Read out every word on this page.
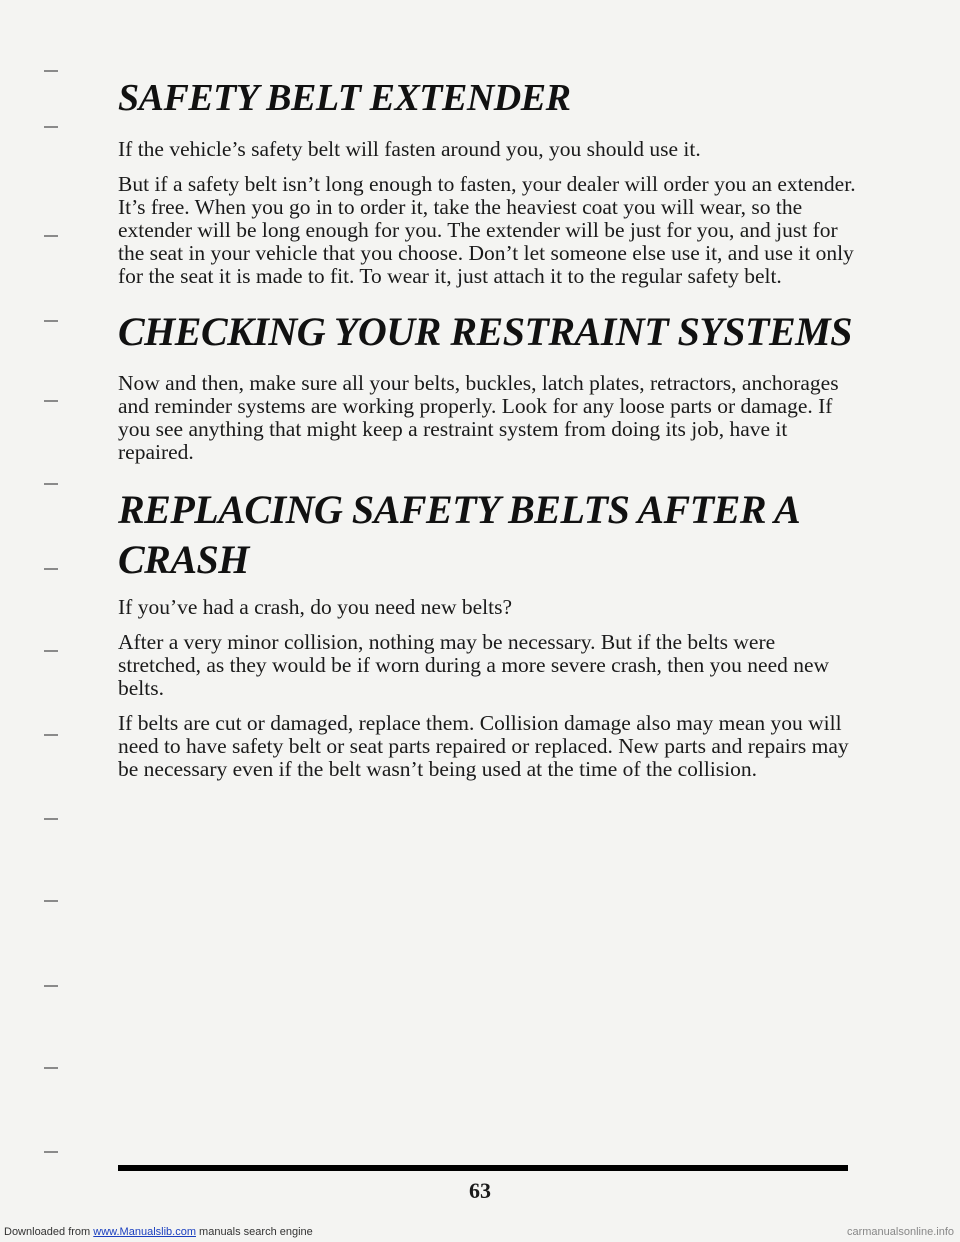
SAFETY BELT EXTENDER

If the vehicle’s safety belt will fasten around you, you should use it.

But if a safety belt isn’t long enough to fasten, your dealer will order you an extender. It’s free. When you go in to order it, take the heaviest coat you will wear, so the extender will be long enough for you. The extender will be just for you, and just for the seat in your vehicle that you choose. Don’t let someone else use it, and use it only for the seat it is made to fit. To wear it, just attach it to the regular safety belt.

CHECKING YOUR RESTRAINT SYSTEMS

Now and then, make sure all your belts, buckles, latch plates, retractors, anchorages and reminder systems are working properly. Look for any loose parts or damage. If you see anything that might keep a restraint system from doing its job, have it repaired.

REPLACING SAFETY BELTS AFTER A
CRASH

If you’ve had a crash, do you need new belts?

After a very minor collision, nothing may be necessary. But if the belts were stretched, as they would be if worn during a more severe crash, then you need new belts.

If belts are cut or damaged, replace them. Collision damage also may mean you will need to have safety belt or seat parts repaired or replaced. New parts and repairs may be necessary even if the belt wasn’t being used at the time of the collision.

63
Downloaded from www.Manualslib.com manuals search engine	carmanualsonline.info
